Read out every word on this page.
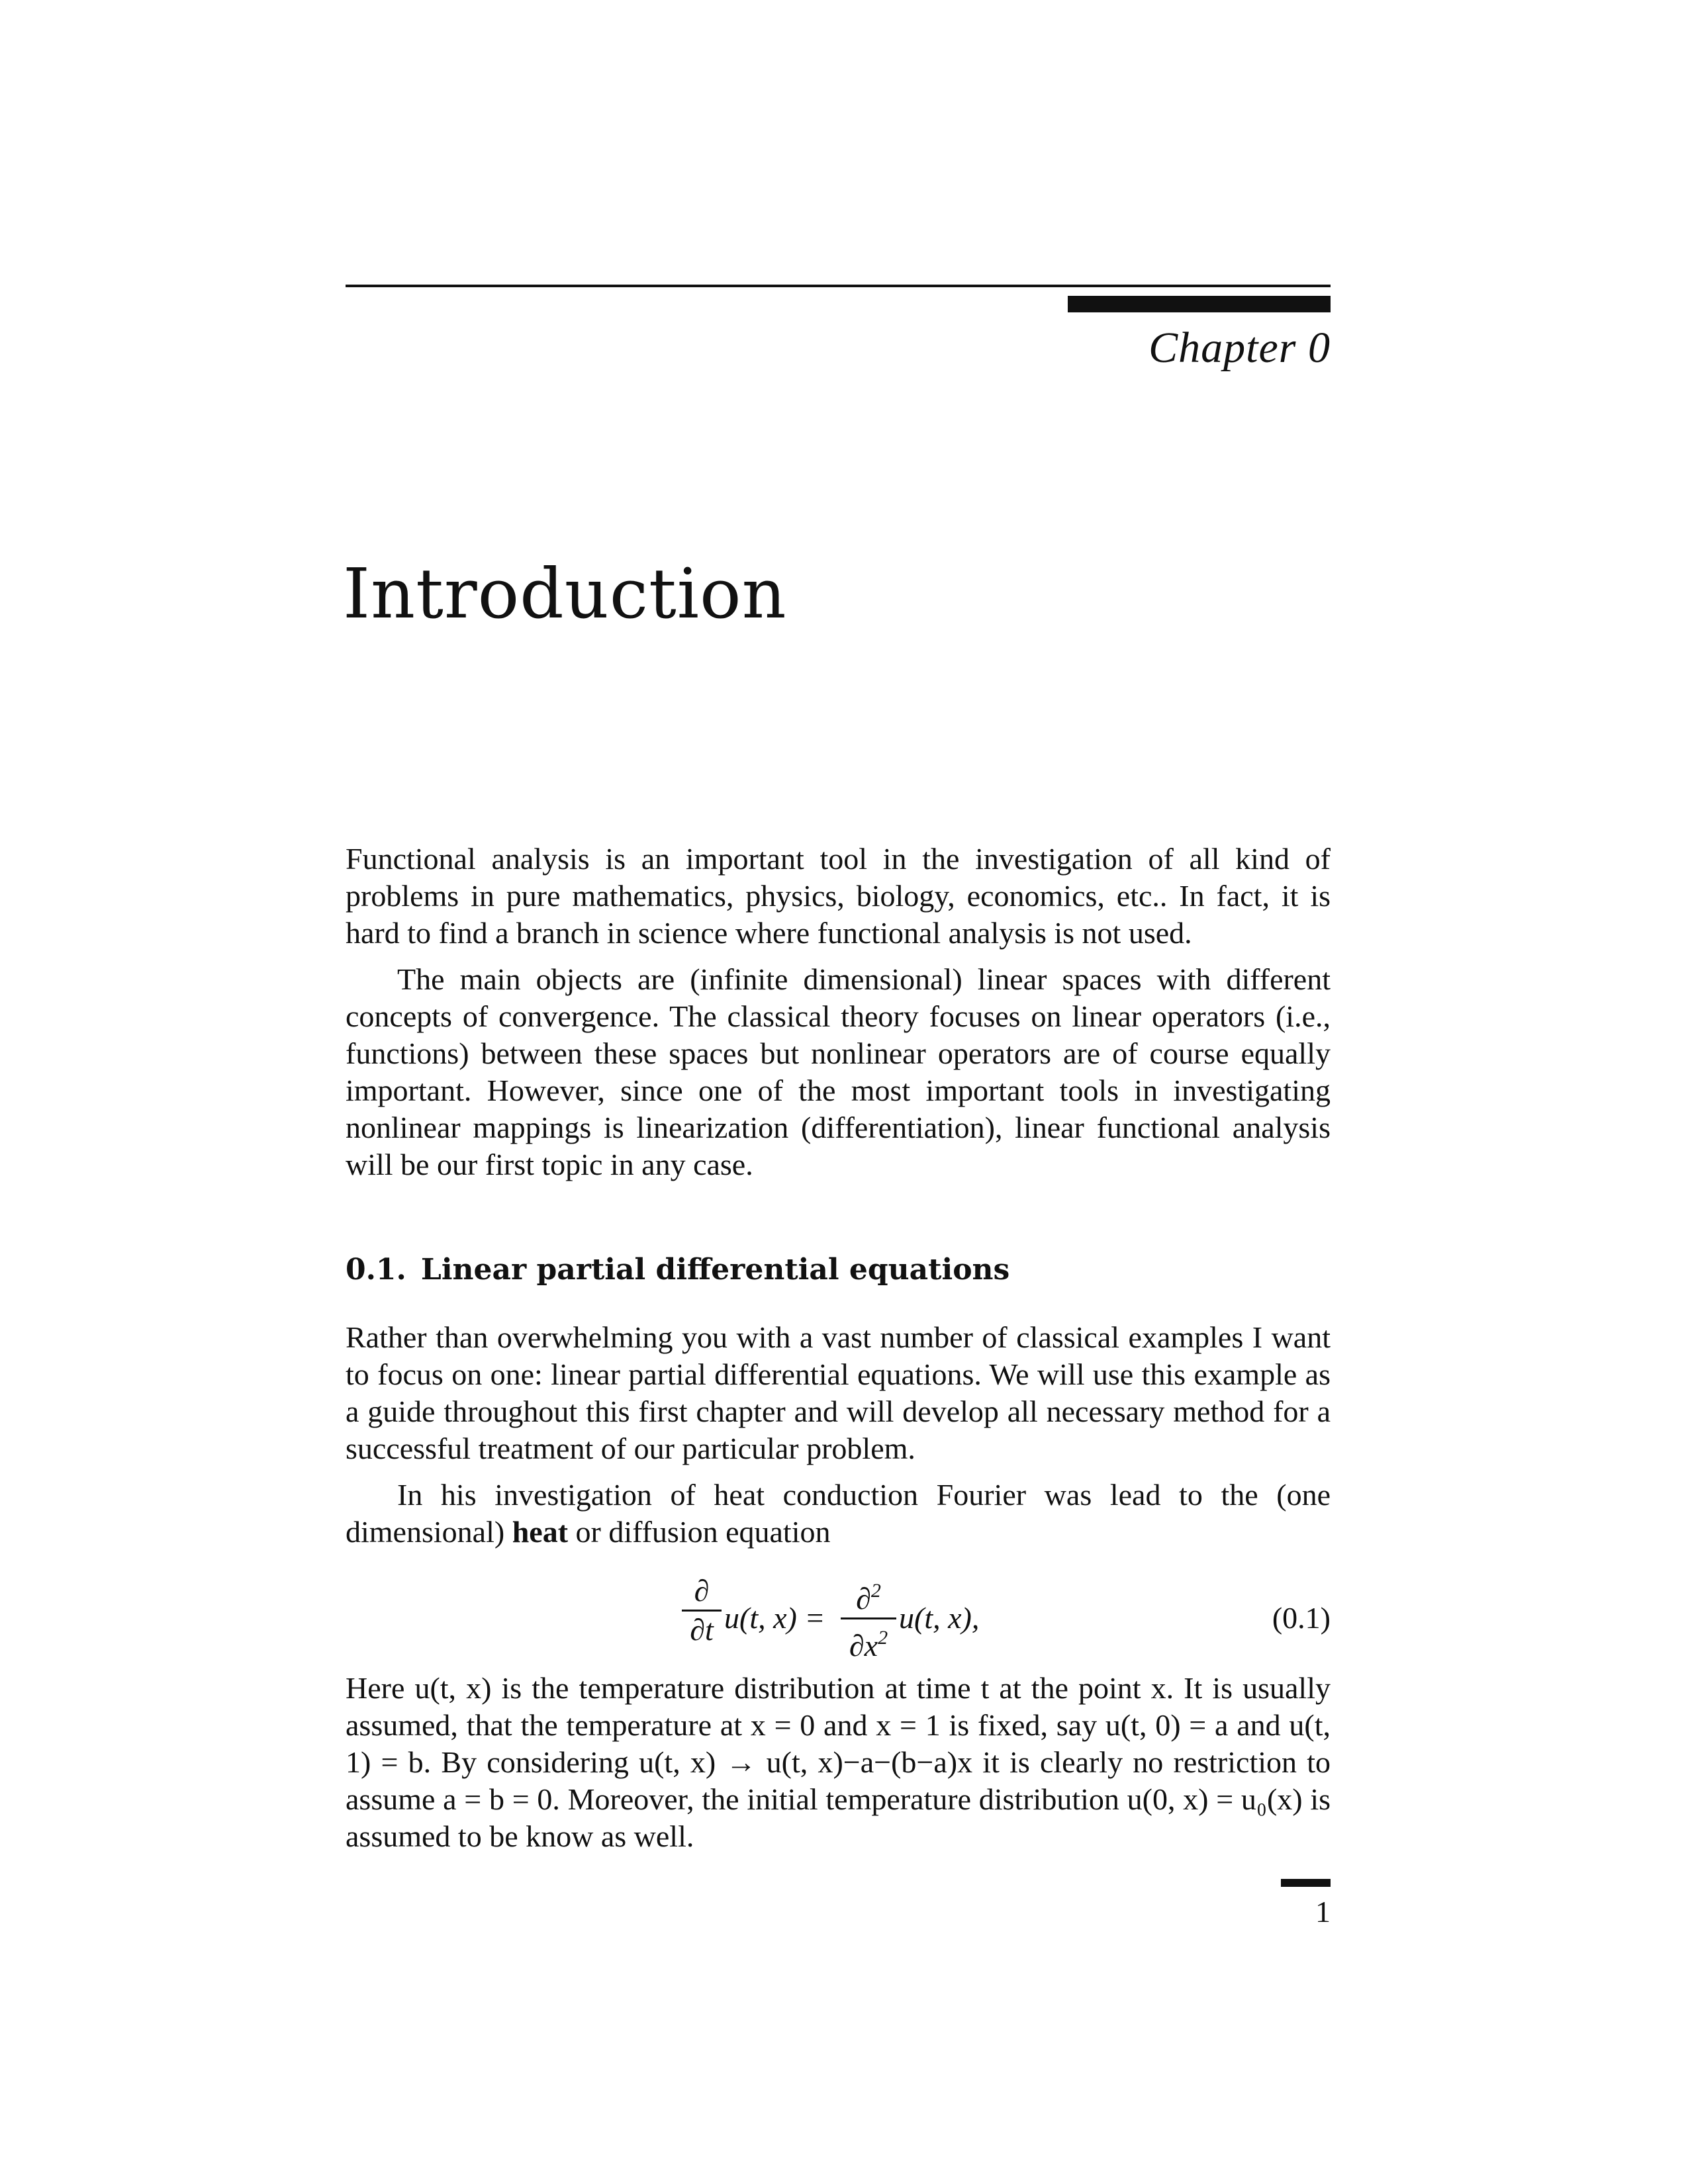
Chapter 0
Introduction

Functional analysis is an important tool in the investigation of all kind of problems in pure mathematics, physics, biology, economics, etc.. In fact, it is hard to find a branch in science where functional analysis is not used.

The main objects are (infinite dimensional) linear spaces with different concepts of convergence. The classical theory focuses on linear operators (i.e., functions) between these spaces but nonlinear operators are of course equally important. However, since one of the most important tools in investigating nonlinear mappings is linearization (differentiation), linear functional analysis will be our first topic in any case.

0.1. Linear partial differential equations

Rather than overwhelming you with a vast number of classical examples I want to focus on one: linear partial differential equations. We will use this example as a guide throughout this first chapter and will develop all necessary method for a successful treatment of our particular problem.

In his investigation of heat conduction Fourier was lead to the (one dimensional) heat or diffusion equation

∂
∂t u(t, x) =
∂$^2$
$\partial x^2$
u(t, x),	(0.1)

Here u(t, x) is the temperature distribution at time t at the point x. It is usually assumed, that the temperature at x = 0 and x = 1 is fixed, say u(t, 0) = a and u(t, 1) = b. By considering u(t, x) → u(t, x)−a−(b−a)x it is clearly no restriction to assume a = b = 0. Moreover, the initial temperature distribution u(0, x) = u₀(x) is assumed to be know as well.

1
